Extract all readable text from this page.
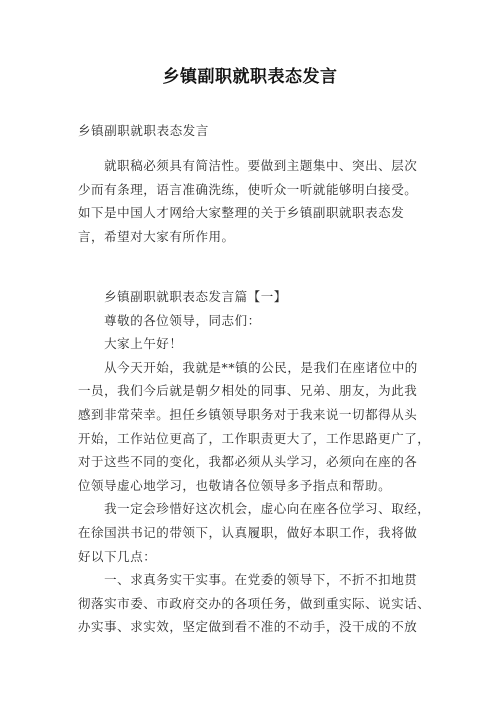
乡镇副职就职表态发言
乡镇副职就职表态发言
　　就职稿必须具有简洁性。要做到主题集中、突出、层次
少而有条理，语言准确洗练，使听众一听就能够明白接受。
如下是中国人才网给大家整理的关于乡镇副职就职表态发
言，希望对大家有所作用。
　　乡镇副职就职表态发言篇【一】
　　尊敬的各位领导，同志们：
　　大家上午好！
　　从今天开始，我就是**镇的公民，是我们在座诸位中的
一员，我们今后就是朝夕相处的同事、兄弟、朋友，为此我
感到非常荣幸。担任乡镇领导职务对于我来说一切都得从头
开始，工作站位更高了，工作职责更大了，工作思路更广了，
对于这些不同的变化，我都必须从头学习，必须向在座的各
位领导虚心地学习，也敬请各位领导多予指点和帮助。
　　我一定会珍惜好这次机会，虚心向在座各位学习、取经，
在徐国洪书记的带领下，认真履职，做好本职工作，我将做
好以下几点：
　　一、求真务实干实事。在党委的领导下，不折不扣地贯
彻落实市委、市政府交办的各项任务，做到重实际、说实话、
办实事、求实效，坚定做到看不准的不动手，没干成的不放
